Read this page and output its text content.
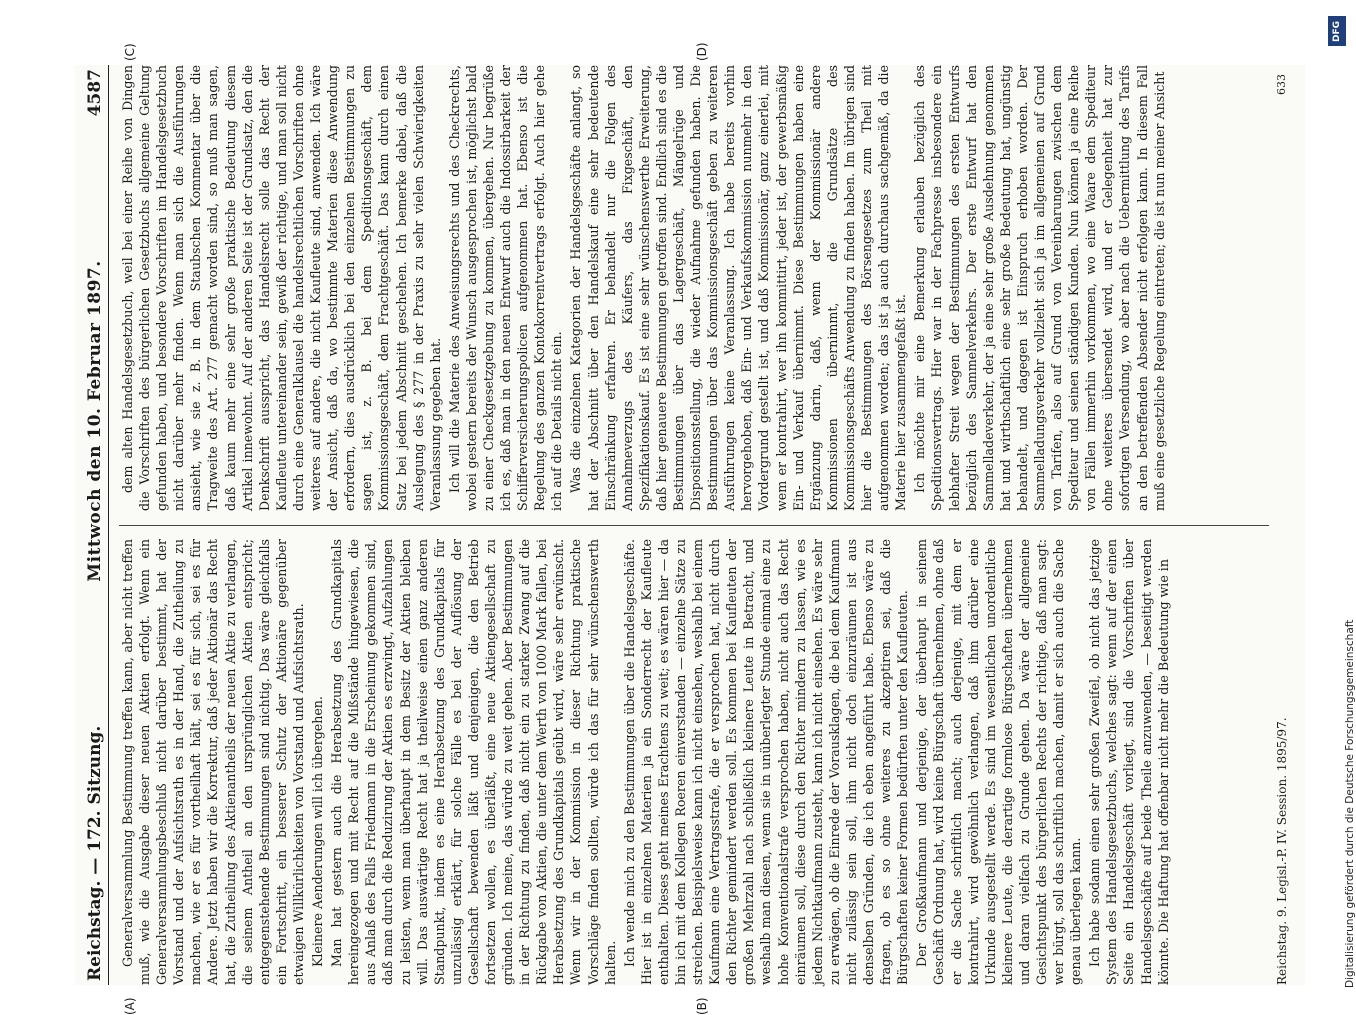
Reichstag. — 172. Sitzung.
Mittwoch den 10. Februar 1897.
4587
(A)	(B)
(C)	(D)

Generalversammlung Bestimmung treffen kann, aber nicht treffen muß, wie die Ausgabe dieser neuen Aktien erfolgt. Wenn ein Generalversammlungsbeschluß nicht darüber bestimmt, hat der Vorstand und der Aufsichtsrath es in der Hand, die Zutheilung zu machen, wie er es für vortheilhaft hält, sei es für sich, sei es für Andere. Jetzt haben wir die Korrektur, daß jeder Aktionär das Recht hat, die Zutheilung des Aktienantheils der neuen Aktie zu verlangen, die seinem Antheil an den ursprünglichen Aktien entspricht; entgegenstehende Bestimmungen sind nichtig. Das wäre gleichfalls ein Fortschritt, ein besserer Schutz der Aktionäre gegenüber etwaigen Willkürlichkeiten von Vorstand und Aufsichtsrath. Kleinere Aenderungen will ich übergehen. Man hat gestern auch die Herabsetzung des Grundkapitals hereingezogen und mit Recht auf die Mißstände hingewiesen, die aus Anlaß des Falls Friedmann in die Erscheinung gekommen sind, daß man durch die Reduzirung der Aktien es erzwingt, Aufzahlungen zu leisten, wenn man überhaupt in dem Besitz der Aktien bleiben will. Das auswärtige Recht hat ja theilweise einen ganz anderen Standpunkt, indem es eine Herabsetzung des Grundkapitals für unzulässig erklärt, für solche Fälle es bei der Auflösung der Gesellschaft bewenden läßt und denjenigen, die den Betrieb fortsetzen wollen, es überläßt, eine neue Aktiengesellschaft zu gründen. Ich meine, das würde zu weit gehen. Aber Bestimmungen in der Richtung zu finden, daß nicht ein zu starker Zwang auf die Rückgabe von Aktien, die unter dem Werth von 1000 Mark fallen, bei Herabsetzung des Grundkapitals geübt wird, wäre sehr erwünscht. Wenn wir in der Kommission in dieser Richtung praktische Vorschläge finden sollten, würde ich das für sehr wünschenswerth halten. Ich wende mich zu den Bestimmungen über die Handelsgeschäfte. Hier ist in einzelnen Materien ja ein Sonderrecht der Kaufleute enthalten. Dieses geht meines Erachtens zu weit; es wären hier — da bin ich mit dem Kollegen Roeren einverstanden — einzelne Sätze zu streichen. Beispielsweise kann ich nicht einsehen, weshalb bei einem Kaufmann eine Vertragsstrafe, die er versprochen hat, nicht durch den Richter gemindert werden soll. Es kommen bei Kaufleuten der großen Mehrzahl nach schließlich kleinere Leute in Betracht, und weshalb man diesen, wenn sie in unüberlegter Stunde einmal eine zu hohe Konventionalstrafe versprochen haben, nicht auch das Recht einräumen soll, diese durch den Richter mindern zu lassen, wie es jedem Nichtkaufmann zusteht, kann ich nicht einsehen. Es wäre sehr zu erwägen, ob die Einrede der Vorausklagen, die bei dem Kaufmann nicht zulässig sein soll, ihm nicht doch einzuräumen ist aus denselben Gründen, die ich eben angeführt habe. Ebenso wäre zu fragen, ob es so ohne weiteres zu akzeptiren sei, daß die Bürgschaften keiner Formen bedürften unter den Kaufleuten. Der Großkaufmann und derjenige, der überhaupt in seinem Geschäft Ordnung hat, wird keine Bürgschaft übernehmen, ohne daß er die Sache schriftlich macht; auch derjenige, mit dem er kontrahirt, wird gewöhnlich verlangen, daß ihm darüber eine Urkunde ausgestellt werde. Es sind im wesentlichen unordentliche kleinere Leute, die derartige formlose Bürgschaften übernehmen und daran vielfach zu Grunde gehen. Da wäre der allgemeine Gesichtspunkt des bürgerlichen Rechts der richtige, daß man sagt: wer bürgt, soll das schriftlich machen, damit er sich auch die Sache genau überlegen kann. Ich habe sodann einen sehr großen Zweifel, ob nicht das jetzige System des Handelsgesetzbuchs, welches sagt: wenn auf der einen Seite ein Handelsgeschäft vorliegt, sind die Vorschriften über Handelsgeschäfte auf beide Theile anzuwenden, — beseitigt werden könnte. Die Haftung hat offenbar nicht mehr die Bedeutung wie in

dem alten Handelsgesetzbuch, weil bei einer Reihe von Dingen die Vorschriften des bürgerlichen Gesetzbuchs allgemeine Geltung gefunden haben, und besondere Vorschriften im Handelsgesetzbuch nicht darüber mehr finden. Wenn man sich die Ausführungen ansieht, wie sie z. B. in dem Staubschen Kommentar über die Tragweite des Art. 277 gemacht worden sind, so muß man sagen, daß kaum mehr eine sehr große praktische Bedeutung diesem Artikel innewohnt. Auf der anderen Seite ist der Grundsatz, den die Denkschrift ausspricht, das Handelsrecht solle das Recht der Kaufleute untereinander sein, gewiß der richtige, und man soll nicht durch eine Generalklausel die handelsrechtlichen Vorschriften ohne weiteres auf andere, die nicht Kaufleute sind, anwenden. Ich wäre der Ansicht, daß da, wo bestimmte Materien diese Anwendung erfordern, dies ausdrücklich bei den einzelnen Bestimmungen zu sagen ist, z. B. bei dem Speditionsgeschäft, dem Kommissionsgeschäft, dem Frachtgeschäft. Das kann durch einen Satz bei jedem Abschnitt geschehen. Ich bemerke dabei, daß die Auslegung des § 277 in der Praxis zu sehr vielen Schwierigkeiten Veranlassung gegeben hat. Ich will die Materie des Anweisungsrechts und des Checkrechts, wobei gestern bereits der Wunsch ausgesprochen ist, möglichst bald zu einer Checkgesetzgebung zu kommen, übergehen. Nur begrüße ich es, daß man in den neuen Entwurf auch die Indossirbarkeit der Schifferversicherungspolicen aufgenommen hat. Ebenso ist die Regelung des ganzen Kontokorrentvertrags erfolgt. Auch hier gehe ich auf die Details nicht ein. Was die einzelnen Kategorien der Handelsgeschäfte anlangt, so hat der Abschnitt über den Handelskauf eine sehr bedeutende Einschränkung erfahren. Er behandelt nur die Folgen des Annahmeverzugs des Käufers, das Fixgeschäft, den Spezifikationskauf. Es ist eine sehr wünschenswerthe Erweiterung, daß hier genauere Bestimmungen getroffen sind. Endlich sind es die Bestimmungen über das Lagergeschäft, Mängelrüge und Dispositionsstellung, die wieder Aufnahme gefunden haben. Die Bestimmungen über das Kommissionsgeschäft geben zu weiteren Ausführungen keine Veranlassung. Ich habe bereits vorhin hervorgehoben, daß Ein- und Verkaufskommission nunmehr in den Vordergrund gestellt ist, und daß Kommissionär, ganz einerlei, mit wem er kontrahirt, wer ihn kommittirt, jeder ist, der gewerbsmäßig Ein- und Verkauf übernimmt. Diese Bestimmungen haben eine Ergänzung darin, daß, wenn der Kommissionär andere Kommissionen übernimmt, die Grundsätze des Kommissionsgeschäfts Anwendung zu finden haben. Im übrigen sind hier die Bestimmungen des Börsengesetzes zum Theil mit aufgenommen worden; das ist ja auch durchaus sachgemäß, da die Materie hier zusammengefaßt ist. Ich möchte mir eine Bemerkung erlauben bezüglich des Speditionsvertrags. Hier war in der Fachpresse insbesondere ein lebhafter Streit wegen der Bestimmungen des ersten Entwurfs bezüglich des Sammelverkehrs. Der erste Entwurf hat den Sammelladeverkehr, der ja eine sehr große Ausdehnung genommen hat und wirthschaftlich eine sehr große Bedeutung hat, ungünstig behandelt, und dagegen ist Einspruch erhoben worden. Der Sammelladungsverkehr vollzieht sich ja im allgemeinen auf Grund von Tarifen, also auf Grund von Vereinbarungen zwischen dem Spediteur und seinen ständigen Kunden. Nun können ja eine Reihe von Fällen immerhin vorkommen, wo eine Waare dem Spediteur ohne weiteres übersendet wird, und er Gelegenheit hat zur sofortigen Versendung, wo aber nach die Uebermittlung des Tarifs an den betreffenden Absender nicht erfolgen kann. In diesem Fall muß eine gesetzliche Regelung eintreten; die ist nun meiner Ansicht

Reichstag. 9. Legisl.-P. IV. Session. 1895/97.
633
Digitalisierung gefördert durch die Deutsche Forschungsgemeinschaft
DFG
